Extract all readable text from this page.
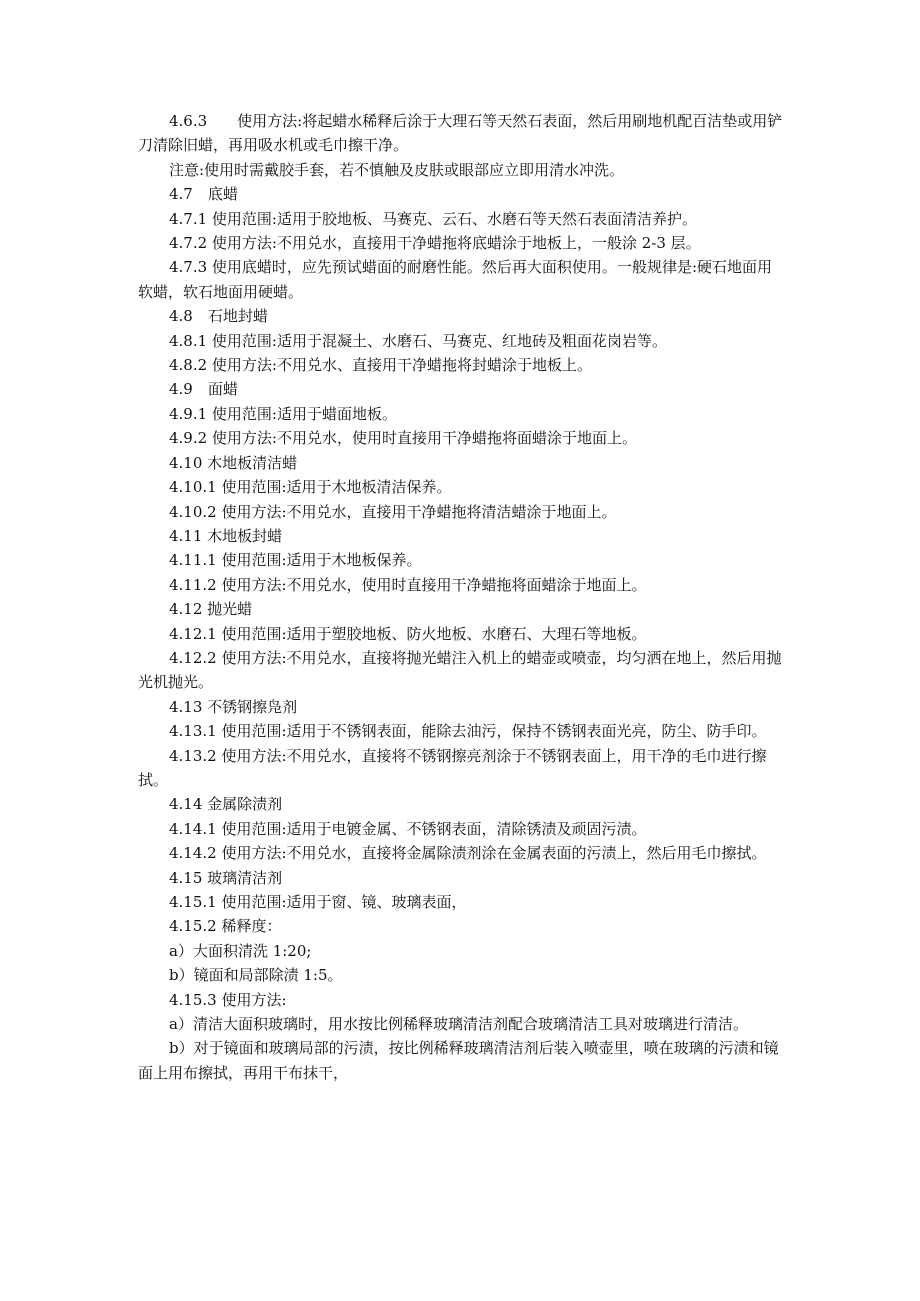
4.6.3　　使用方法:将起蜡水稀释后涂于大理石等天然石表面，然后用刷地机配百洁垫或用铲刀清除旧蜡，再用吸水机或毛巾擦干净。

注意:使用时需戴胶手套，若不慎触及皮肤或眼部应立即用清水冲洗。

4.7　底蜡

4.7.1 使用范围:适用于胶地板、马赛克、云石、水磨石等天然石表面清洁养护。

4.7.2 使用方法:不用兑水，直接用干净蜡拖将底蜡涂于地板上，一般涂 2-3 层。

4.7.3 使用底蜡时，应先预试蜡面的耐磨性能。然后再大面积使用。一般规律是:硬石地面用软蜡，软石地面用硬蜡。

4.8　石地封蜡

4.8.1 使用范围:适用于混凝土、水磨石、马赛克、红地砖及粗面花岗岩等。

4.8.2 使用方法:不用兑水、直接用干净蜡拖将封蜡涂于地板上。

4.9　面蜡

4.9.1 使用范围:适用于蜡面地板。

4.9.2 使用方法:不用兑水，使用时直接用干净蜡拖将面蜡涂于地面上。

4.10 木地板清洁蜡

4.10.1 使用范围:适用于木地板清洁保养。

4.10.2 使用方法:不用兑水，直接用干净蜡拖将清洁蜡涂于地面上。

4.11 木地板封蜡

4.11.1 使用范围:适用于木地板保养。

4.11.2 使用方法:不用兑水，使用时直接用干净蜡拖将面蜡涂于地面上。

4.12 抛光蜡

4.12.1 使用范围:适用于塑胶地板、防火地板、水磨石、大理石等地板。

4.12.2 使用方法:不用兑水，直接将抛光蜡注入机上的蜡壶或喷壶，均匀洒在地上，然后用抛光机抛光。

4.13 不锈钢擦凫剂

4.13.1 使用范围:适用于不锈钢表面，能除去油污，保持不锈钢表面光亮，防尘、防手印。

4.13.2 使用方法:不用兑水，直接将不锈钢擦亮剂涂于不锈钢表面上，用干净的毛巾进行擦拭。

4.14 金属除渍剂

4.14.1 使用范围:适用于电镀金属、不锈钢表面，清除锈渍及顽固污渍。

4.14.2 使用方法:不用兑水，直接将金属除渍剂涂在金属表面的污渍上，然后用毛巾擦拭。

4.15 玻璃清洁剂

4.15.1 使用范围:适用于窗、镜、玻璃表面，

4.15.2 稀释度：

a）大面积清洗 1:20;

b）镜面和局部除渍 1:5。

4.15.3 使用方法:

a）清洁大面积玻璃时，用水按比例稀释玻璃清洁剂配合玻璃清洁工具对玻璃进行清洁。

b）对于镜面和玻璃局部的污渍，按比例稀释玻璃清洁剂后装入喷壶里，喷在玻璃的污渍和镜面上用布擦拭，再用干布抹干，
